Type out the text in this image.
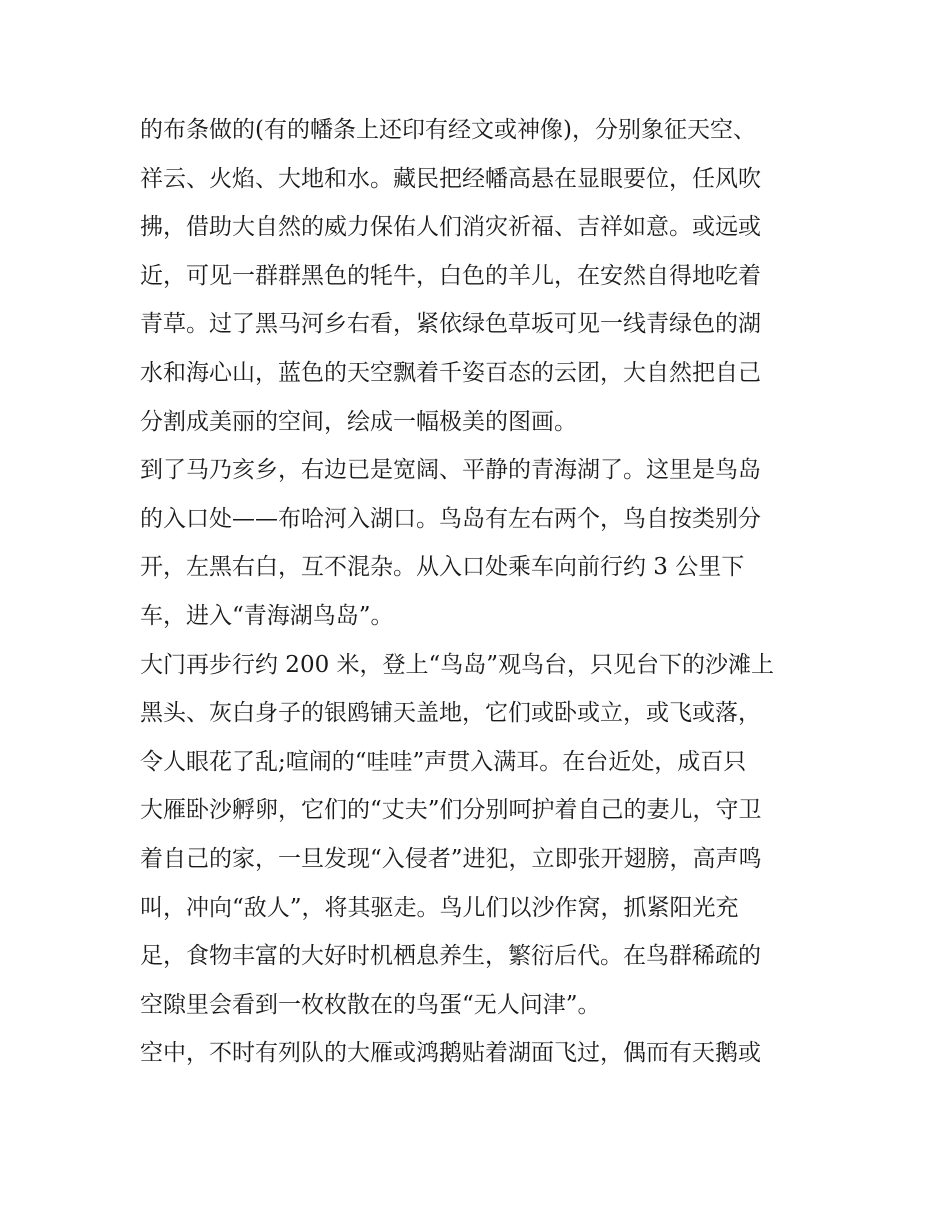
的布条做的(有的幡条上还印有经文或神像)，分别象征天空、
祥云、火焰、大地和水。藏民把经幡高悬在显眼要位，任风吹
拂，借助大自然的威力保佑人们消灾祈福、吉祥如意。或远或
近，可见一群群黑色的牦牛，白色的羊儿，在安然自得地吃着
青草。过了黑马河乡右看，紧依绿色草坂可见一线青绿色的湖
水和海心山，蓝色的天空飘着千姿百态的云团，大自然把自己
分割成美丽的空间，绘成一幅极美的图画。
到了马乃亥乡，右边已是宽阔、平静的青海湖了。这里是鸟岛
的入口处——布哈河入湖口。鸟岛有左右两个，鸟自按类别分
开，左黑右白，互不混杂。从入口处乘车向前行约 3 公里下
车，进入“青海湖鸟岛”。
大门再步行约 200 米，登上“鸟岛”观鸟台，只见台下的沙滩上
黑头、灰白身子的银鸥铺天盖地，它们或卧或立，或飞或落，
令人眼花了乱;喧闹的“哇哇”声贯入满耳。在台近处，成百只
大雁卧沙孵卵，它们的“丈夫”们分别呵护着自己的妻儿，守卫
着自己的家，一旦发现“入侵者”进犯，立即张开翅膀，高声鸣
叫，冲向“敌人”，将其驱走。鸟儿们以沙作窝，抓紧阳光充
足，食物丰富的大好时机栖息养生，繁衍后代。在鸟群稀疏的
空隙里会看到一枚枚散在的鸟蛋“无人问津”。
空中，不时有列队的大雁或鸿鹅贴着湖面飞过，偶而有天鹅或
